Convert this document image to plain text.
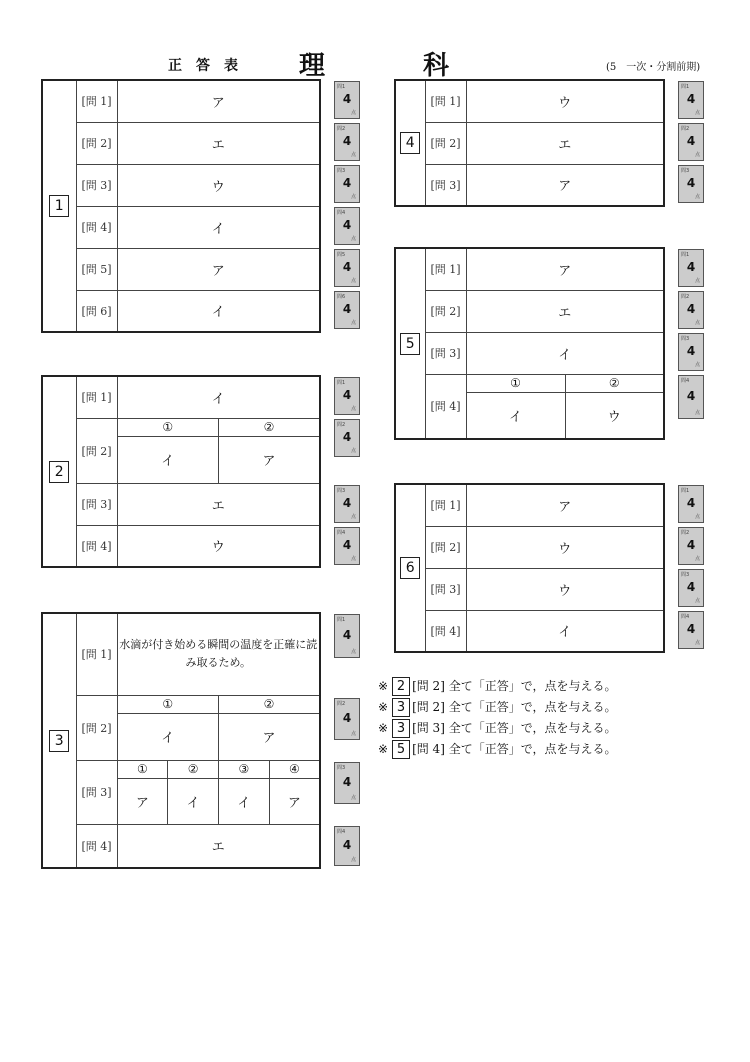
正答表 理	科	(5　一次・分割前期)
1	[問 1]	ア
	[問 2]	エ
	[問 3]	ウ
	[問 4]	イ
	[問 5]	ア
	[問 6]	イ
問1
4
点
問2
4
点
問3
4
点
問4
4
点
問5
4
点
問6
4
点
2	[問 1]	イ	
	[問 2]	①	②
		イ	ア
	[問 3]	エ	
	[問 4]	ウ	
問1
4
点
問2
4
点
問3
4
点
問4
4
点
3	[問 1]	水滴が付き始める瞬間の温度を正確に読み取るため。			
	[問 2]	①		②	
		イ		ア	
	[問 3]	①	②	③	④
		ア	イ	イ	ア
	[問 4]	エ			
問1
4
点
問2
4
点
問3
4
点
問4
4
点
4	[問 1]	ウ
	[問 2]	エ
	[問 3]	ア
問1
4
点
問2
4
点
問3
4
点
5	[問 1]	ア	
	[問 2]	エ	
	[問 3]	イ	
	[問 4]	①	②
		イ	ウ
問1
4
点
問2
4
点
問3
4
点
問4
4
点
6	[問 1]	ア
	[問 2]	ウ
	[問 3]	ウ
	[問 4]	イ
問1
4
点
問2
4
点
問3
4
点
問4
4
点
※ 2 [問 2] 全て「正答」で，点を与える。
※ 3 [問 2] 全て「正答」で，点を与える。
※ 3 [問 3] 全て「正答」で，点を与える。
※ 5 [問 4] 全て「正答」で，点を与える。
